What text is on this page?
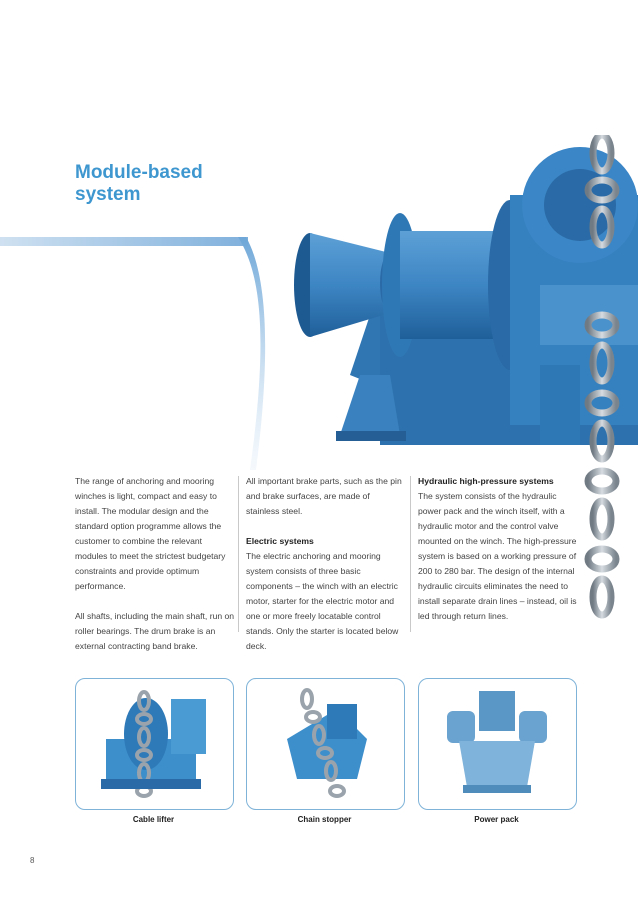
Module-based
system

The range of anchoring and mooring winches is light, compact and easy to install. The modular design and the standard option programme allows the customer to combine the relevant modules to meet the strictest budgetary constraints and provide optimum performance.

All shafts, including the main shaft, run on roller bearings. The drum brake is an external contracting band brake.

All important brake parts, such as the pin and brake surfaces, are made of stainless steel.

Electric systems

The electric anchoring and mooring system consists of three basic components – the winch with an electric motor, starter for the electric motor and one or more freely locatable control stands. Only the starter is located below deck.

Hydraulic high-pressure systems

The system consists of the hydraulic power pack and the winch itself, with a hydraulic motor and the control valve mounted on the winch. The high-pressure system is based on a working pressure of 200 to 280 bar. The design of the internal hydraulic circuits eliminates the need to install separate drain lines – instead, oil is led through return lines.

Cable lifter	Chain stopper	Power pack
8
